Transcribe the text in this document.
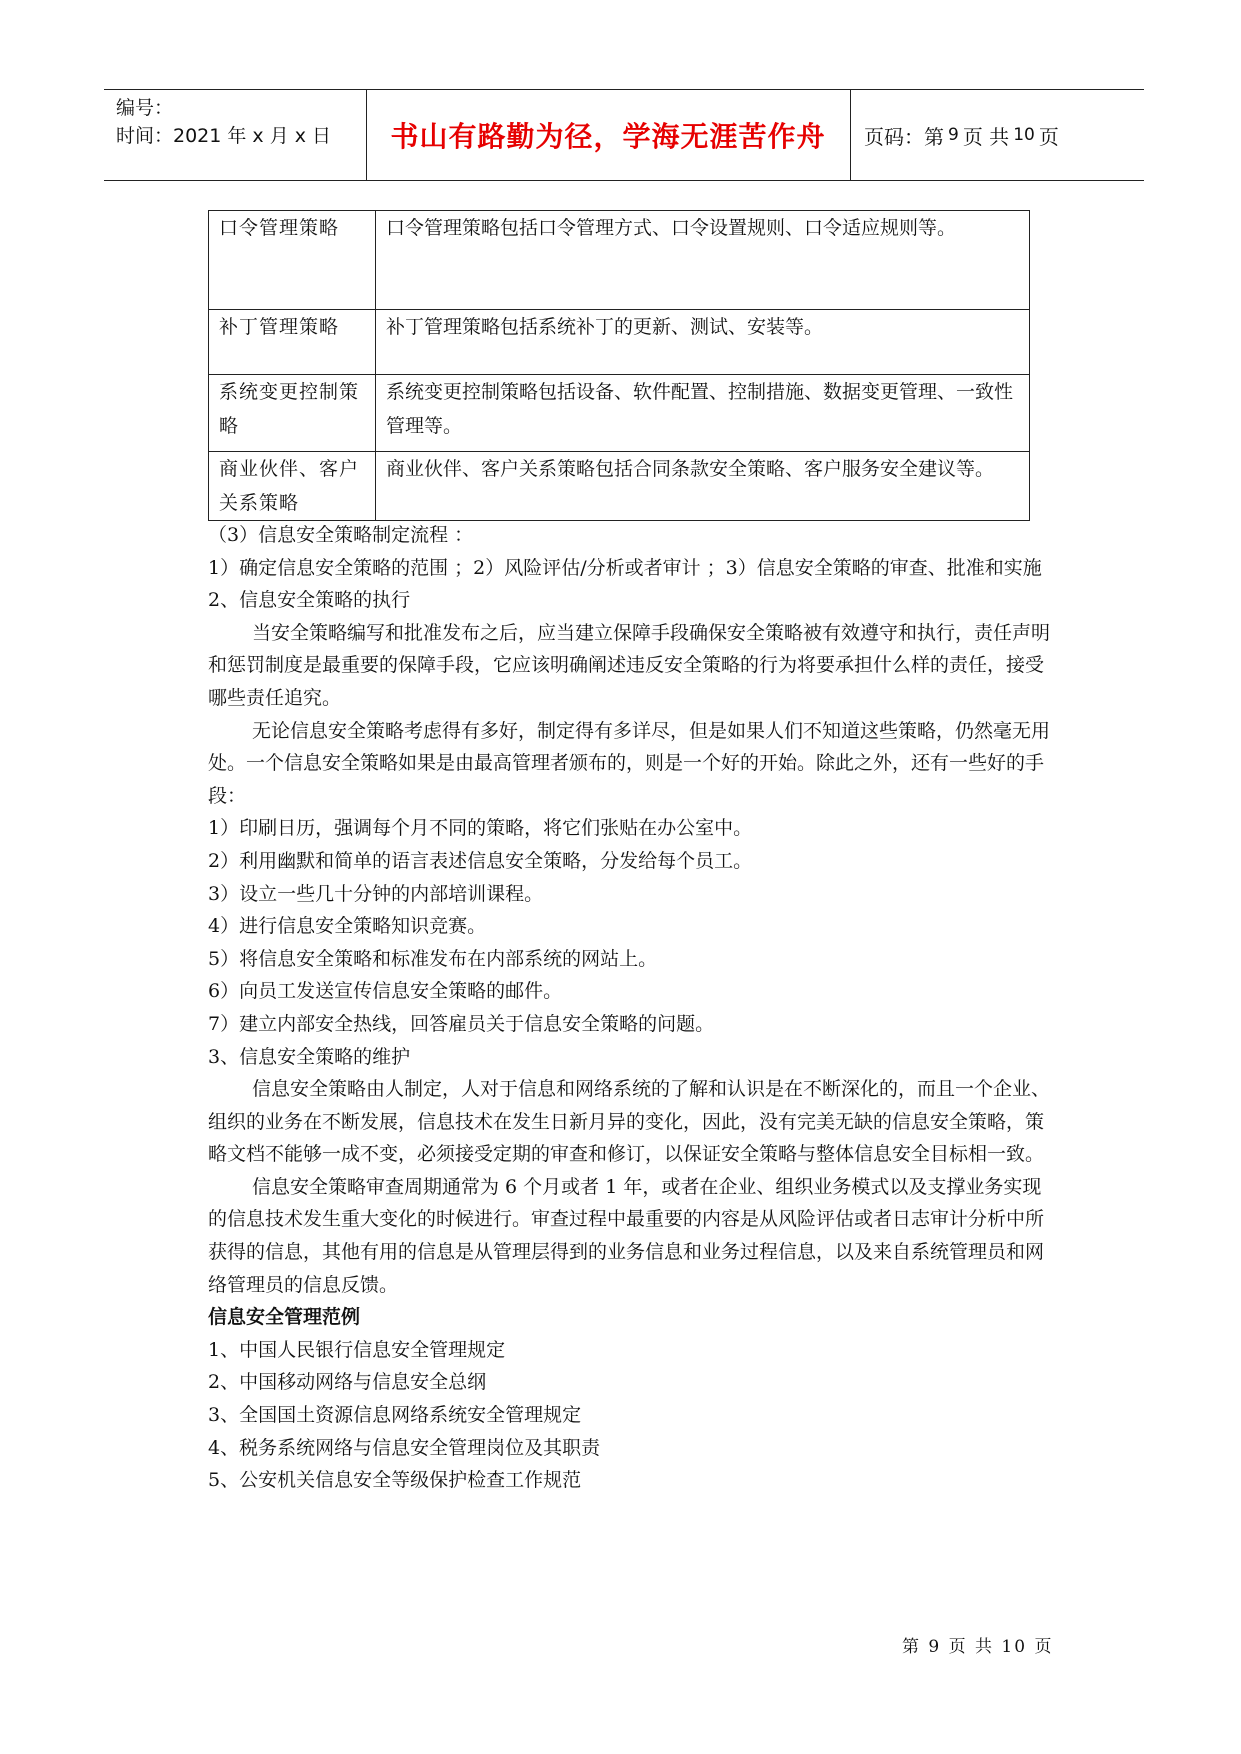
编号：
时间：2021 年 x 月 x 日	书山有路勤为径，学海无涯苦作舟	页码：第 9 页 共 10 页
口令管理策略	口令管理策略包括口令管理方式、口令设置规则、口令适应规则等。
补丁管理策略	补丁管理策略包括系统补丁的更新、测试、安装等。
系统变更控制策略	系统变更控制策略包括设备、软件配置、控制措施、数据变更管理、一致性管理等。
商业伙伴、客户关系策略	商业伙伴、客户关系策略包括合同条款安全策略、客户服务安全建议等。

（3）信息安全策略制定流程 ：

1）确定信息安全策略的范围 ；2）风险评估/分析或者审计 ；3）信息安全策略的审查、批准和实施

2、信息安全策略的执行

当安全策略编写和批准发布之后，应当建立保障手段确保安全策略被有效遵守和执行，责任声明和惩罚制度是最重要的保障手段，它应该明确阐述违反安全策略的行为将要承担什么样的责任，接受哪些责任追究。

无论信息安全策略考虑得有多好，制定得有多详尽，但是如果人们不知道这些策略，仍然毫无用处。一个信息安全策略如果是由最高管理者颁布的，则是一个好的开始。除此之外，还有一些好的手段：

1）印刷日历，强调每个月不同的策略，将它们张贴在办公室中。

2）利用幽默和简单的语言表述信息安全策略，分发给每个员工。

3）设立一些几十分钟的内部培训课程。

4）进行信息安全策略知识竞赛。

5）将信息安全策略和标准发布在内部系统的网站上。

6）向员工发送宣传信息安全策略的邮件。

7）建立内部安全热线，回答雇员关于信息安全策略的问题。

3、信息安全策略的维护

信息安全策略由人制定，人对于信息和网络系统的了解和认识是在不断深化的，而且一个企业、组织的业务在不断发展，信息技术在发生日新月异的变化，因此，没有完美无缺的信息安全策略，策略文档不能够一成不变，必须接受定期的审查和修订，以保证安全策略与整体信息安全目标相一致。

信息安全策略审查周期通常为 6 个月或者 1 年，或者在企业、组织业务模式以及支撑业务实现的信息技术发生重大变化的时候进行。审查过程中最重要的内容是从风险评估或者日志审计分析中所获得的信息，其他有用的信息是从管理层得到的业务信息和业务过程信息，以及来自系统管理员和网络管理员的信息反馈。

信息安全管理范例

1、中国人民银行信息安全管理规定

2、中国移动网络与信息安全总纲

3、全国国土资源信息网络系统安全管理规定

4、税务系统网络与信息安全管理岗位及其职责

5、公安机关信息安全等级保护检查工作规范

第 9 页 共 10 页
